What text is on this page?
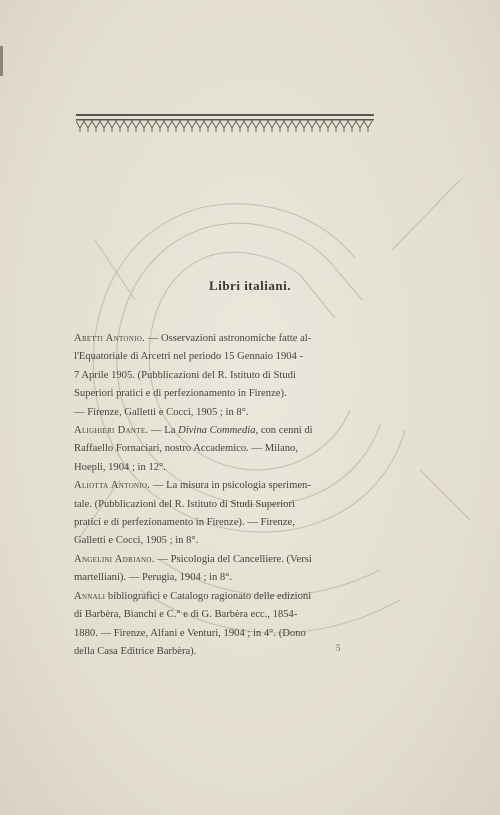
Libri italiani.

Abetti Antonio. — Osservazioni astronomiche fatte al-
l'Equatoriale di Arcetri nel periodo 15 Gennaio 1904 -
7 Aprile 1905. (Pubblicazioni del R. Istituto di Studi
Superiori pratici e di perfezionamento in Firenze).
— Firenze, Galletti e Cocci, 1905 ; in 8°.

Alighieri Dante. — La Divina Commedia, con cenni di
Raffaello Fornaciari, nostro Accademico. — Milano,
Hoepli, 1904 ; in 12°.

Aliotta Antonio. — La misura in psicologia sperimen-
tale. (Pubblicazioni del R. Istituto di Studi Superiori
pratici e di perfezionamento in Firenze). — Firenze,
Galletti e Cocci, 1905 ; in 8°.

Angelini Adriano. — Psicologia del Cancelliere. (Versi
martelliani). — Perugia, 1904 ; in 8°.

Annali bibliografici e Catalogo ragionato delle edizioni
di Barbèra, Bianchi e C.° e di G. Barbèra ecc., 1854-
1880. — Firenze, Alfani e Venturi, 1904 ; in 4°. (Dono
della Casa Editrice Barbèra).	5
